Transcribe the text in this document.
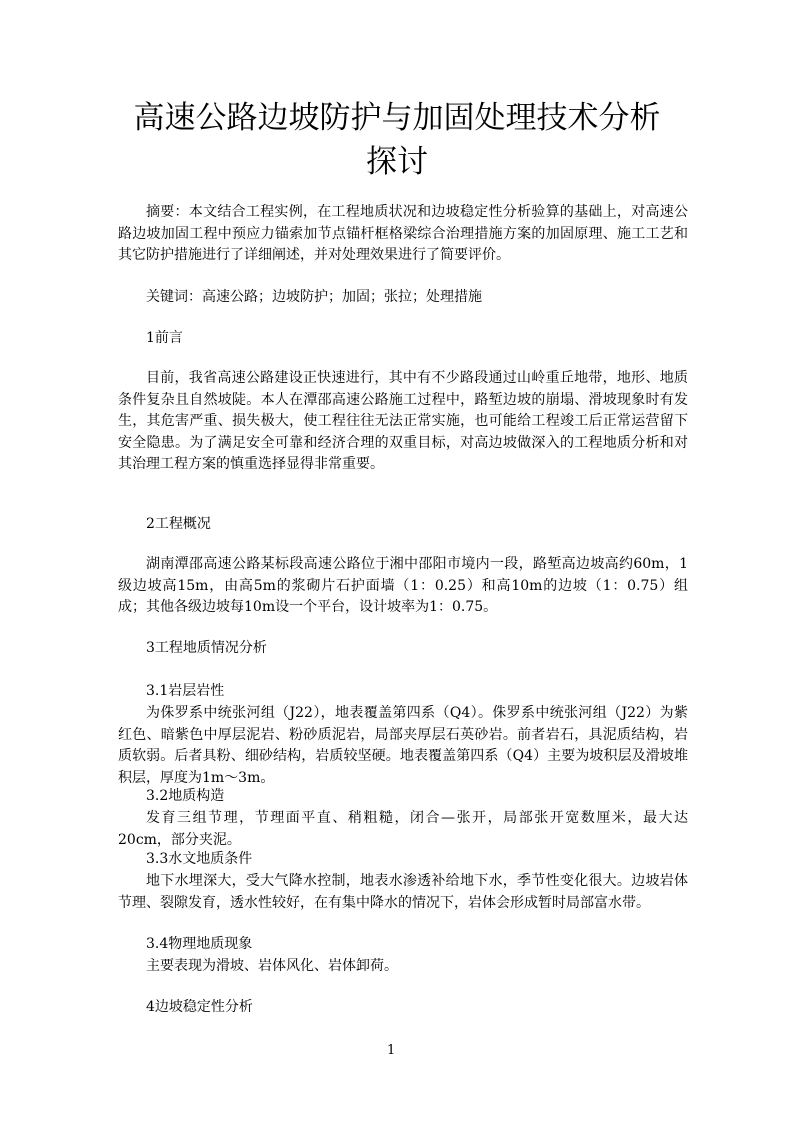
高速公路边坡防护与加固处理技术分析
探讨

摘要：本文结合工程实例，在工程地质状况和边坡稳定性分析验算的基础上，对高速公路边坡加固工程中预应力锚索加节点锚杆框格梁综合治理措施方案的加固原理、施工工艺和其它防护措施进行了详细阐述，并对处理效果进行了简要评价。

关键词：高速公路；边坡防护；加固；张拉；处理措施

1前言

目前，我省高速公路建设正快速进行，其中有不少路段通过山岭重丘地带，地形、地质条件复杂且自然坡陡。本人在潭邵高速公路施工过程中，路堑边坡的崩塌、滑坡现象时有发生，其危害严重、损失极大，使工程往往无法正常实施，也可能给工程竣工后正常运营留下安全隐患。为了满足安全可靠和经济合理的双重目标，对高边坡做深入的工程地质分析和对其治理工程方案的慎重选择显得非常重要。

2工程概况

湖南潭邵高速公路某标段高速公路位于湘中邵阳市境内一段，路堑高边坡高约60m，1级边坡高15m，由高5m的浆砌片石护面墙（1：0.25）和高10m的边坡（1：0.75）组成；其他各级边坡每10m设一个平台，设计坡率为1：0.75。

3工程地质情况分析

3.1岩层岩性

为侏罗系中统张河组（J22），地表覆盖第四系（Q4）。侏罗系中统张河组（J22）为紫红色、暗紫色中厚层泥岩、粉砂质泥岩，局部夹厚层石英砂岩。前者岩石，具泥质结构，岩质软弱。后者具粉、细砂结构，岩质较坚硬。地表覆盖第四系（Q4）主要为坡积层及滑坡堆积层，厚度为1m～3m。

3.2地质构造

发育三组节理，节理面平直、稍粗糙，闭合—张开，局部张开宽数厘米，最大达20cm，部分夹泥。

3.3水文地质条件

地下水埋深大，受大气降水控制，地表水渗透补给地下水，季节性变化很大。边坡岩体节理、裂隙发育，透水性较好，在有集中降水的情况下，岩体会形成暂时局部富水带。

3.4物理地质现象

主要表现为滑坡、岩体风化、岩体卸荷。

4边坡稳定性分析

1
